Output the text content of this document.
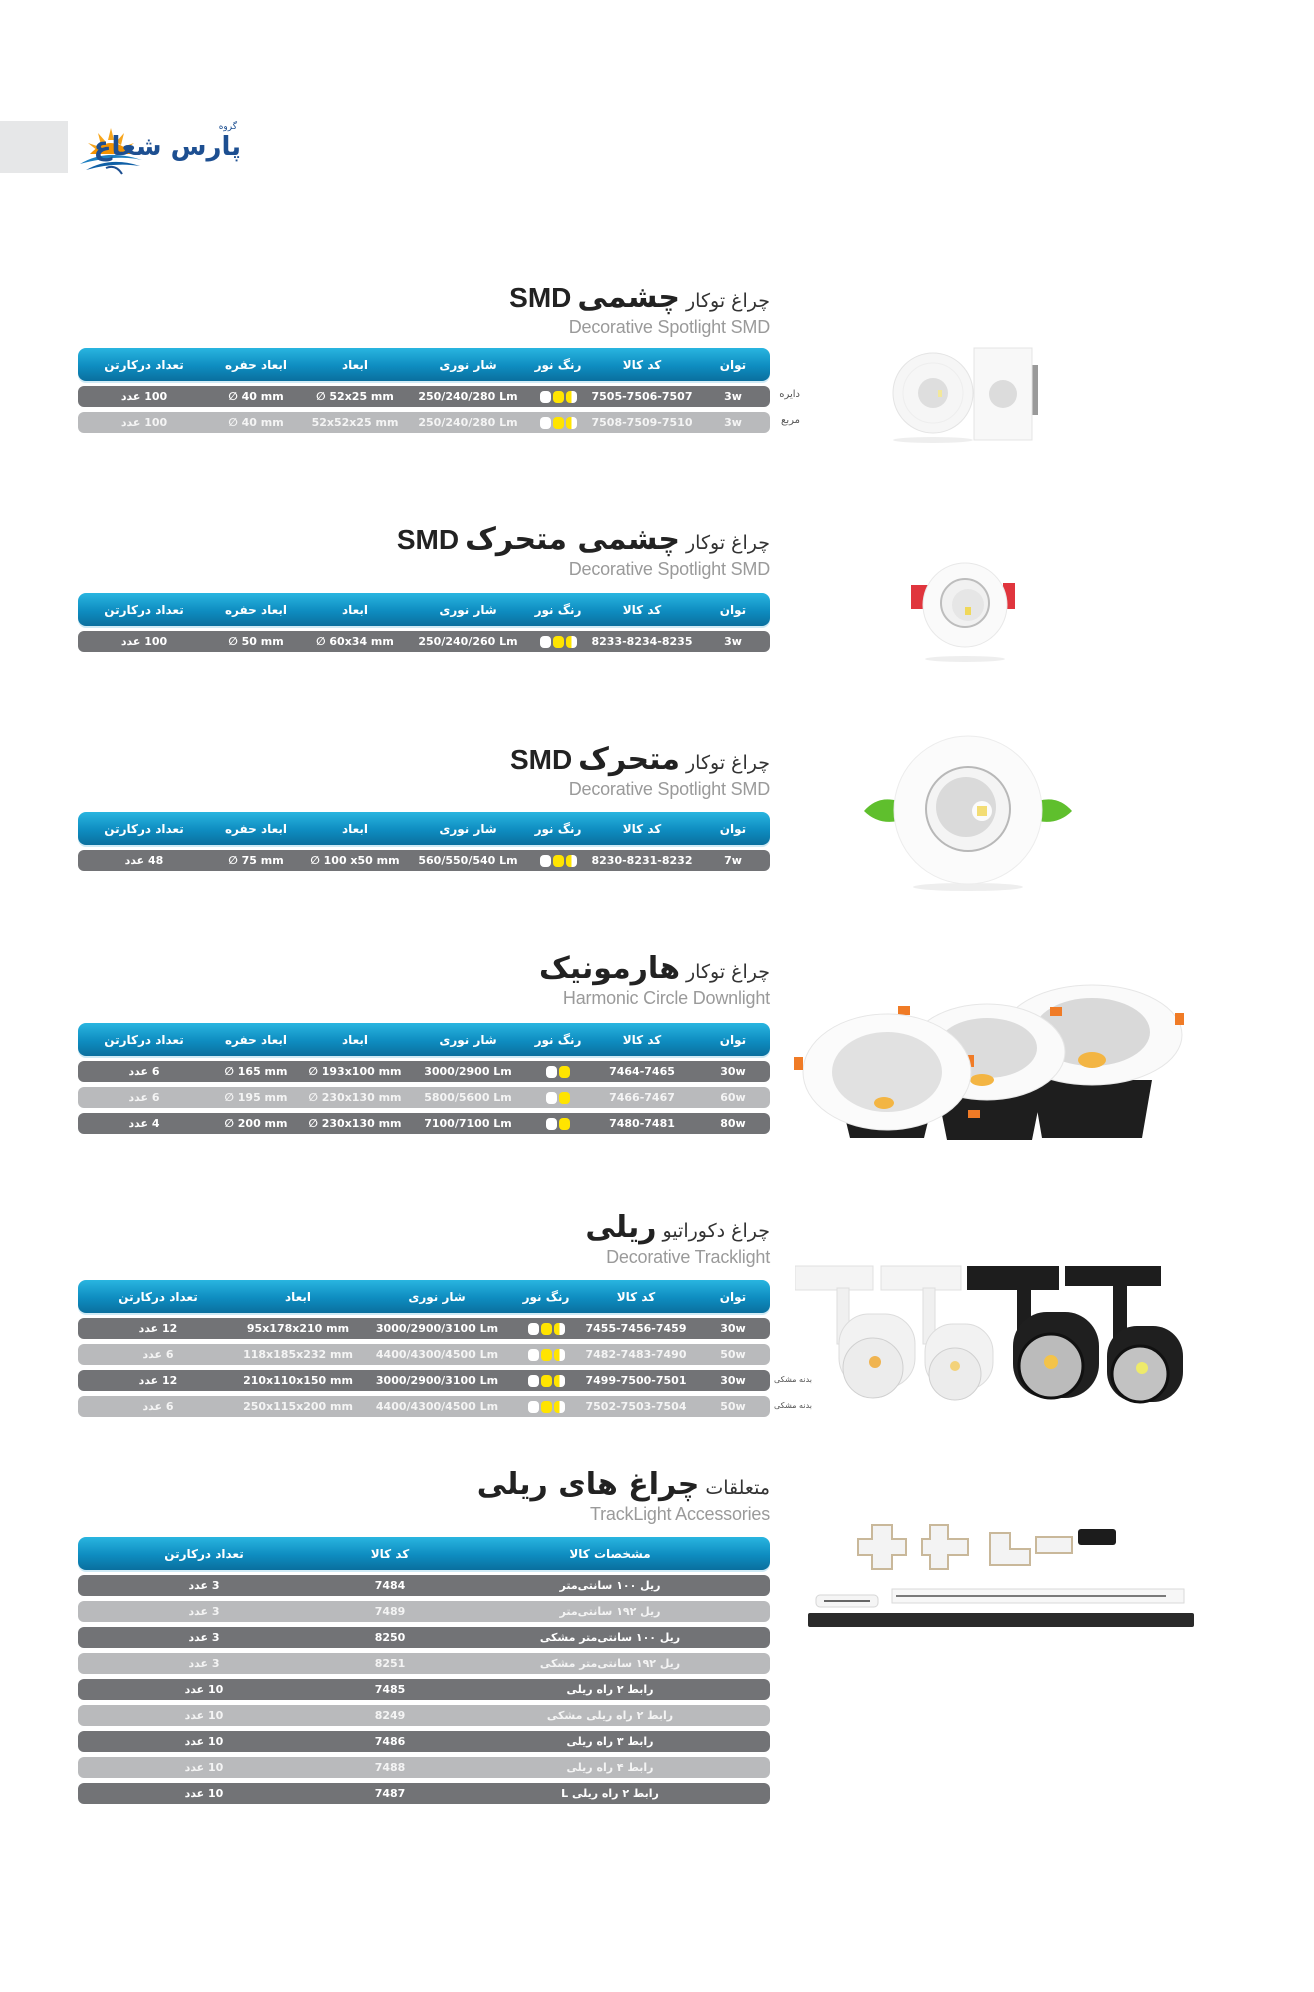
گروه
پارس شعاع
چراغ توکار
چشمی
SMD
Decorative Spotlight SMD
توان
کد کالا
رنگ نور
شار نوری
ابعاد
ابعاد حفره
تعداد درکارتن
دایره
3w
7505-7506-7507
250/240/280 Lm
∅ 52x25 mm
∅ 40 mm
100 عدد
مربع
3w
7508-7509-7510
250/240/280 Lm
52x52x25 mm
∅ 40 mm
100 عدد
چراغ توکار
چشمی متحرک
SMD
Decorative Spotlight SMD
توان
کد کالا
رنگ نور
شار نوری
ابعاد
ابعاد حفره
تعداد درکارتن
3w
8233-8234-8235
250/240/260 Lm
∅ 60x34 mm
∅ 50 mm
100 عدد
چراغ توکار
متحرک
SMD
Decorative Spotlight SMD
توان
کد کالا
رنگ نور
شار نوری
ابعاد
ابعاد حفره
تعداد درکارتن
7w
8230-8231-8232
560/550/540 Lm
∅ 100 x50 mm
∅ 75 mm
48 عدد
چراغ توکار
هارمونیک
Harmonic Circle Downlight
توان
کد کالا
رنگ نور
شار نوری
ابعاد
ابعاد حفره
تعداد درکارتن
30w
7464-7465
3000/2900 Lm
∅ 193x100 mm
∅ 165 mm
6 عدد
60w
7466-7467
5800/5600 Lm
∅ 230x130 mm
∅ 195 mm
6 عدد
80w
7480-7481
7100/7100 Lm
∅ 230x130 mm
∅ 200 mm
4 عدد
چراغ دکوراتیو
ریلی
Decorative Tracklight
توان
کد کالا
رنگ نور
شار نوری
ابعاد
تعداد درکارتن
30w
7455-7456-7459
3000/2900/3100 Lm
95x178x210 mm
12 عدد
50w
7482-7483-7490
4400/4300/4500 Lm
118x185x232 mm
6 عدد
بدنه مشکی
30w
7499-7500-7501
3000/2900/3100 Lm
210x110x150 mm
12 عدد
بدنه مشکی
50w
7502-7503-7504
4400/4300/4500 Lm
250x115x200 mm
6 عدد
متعلقات
چراغ های ریلی
TrackLight Accessories
مشخصات کالا
کد کالا
تعداد درکارتن
ریل ۱۰۰ سانتی‌متر
7484
3 عدد
ریل ۱۹۲ سانتی‌متر
7489
3 عدد
ریل ۱۰۰ سانتی‌متر مشکی
8250
3 عدد
ریل ۱۹۲ سانتی‌متر مشکی
8251
3 عدد
رابط ۲ راه ریلی
7485
10 عدد
رابط ۲ راه ریلی مشکی
8249
10 عدد
رابط ۳ راه ریلی
7486
10 عدد
رابط ۴ راه ریلی
7488
10 عدد
رابط ۲ راه ریلی L
7487
10 عدد
